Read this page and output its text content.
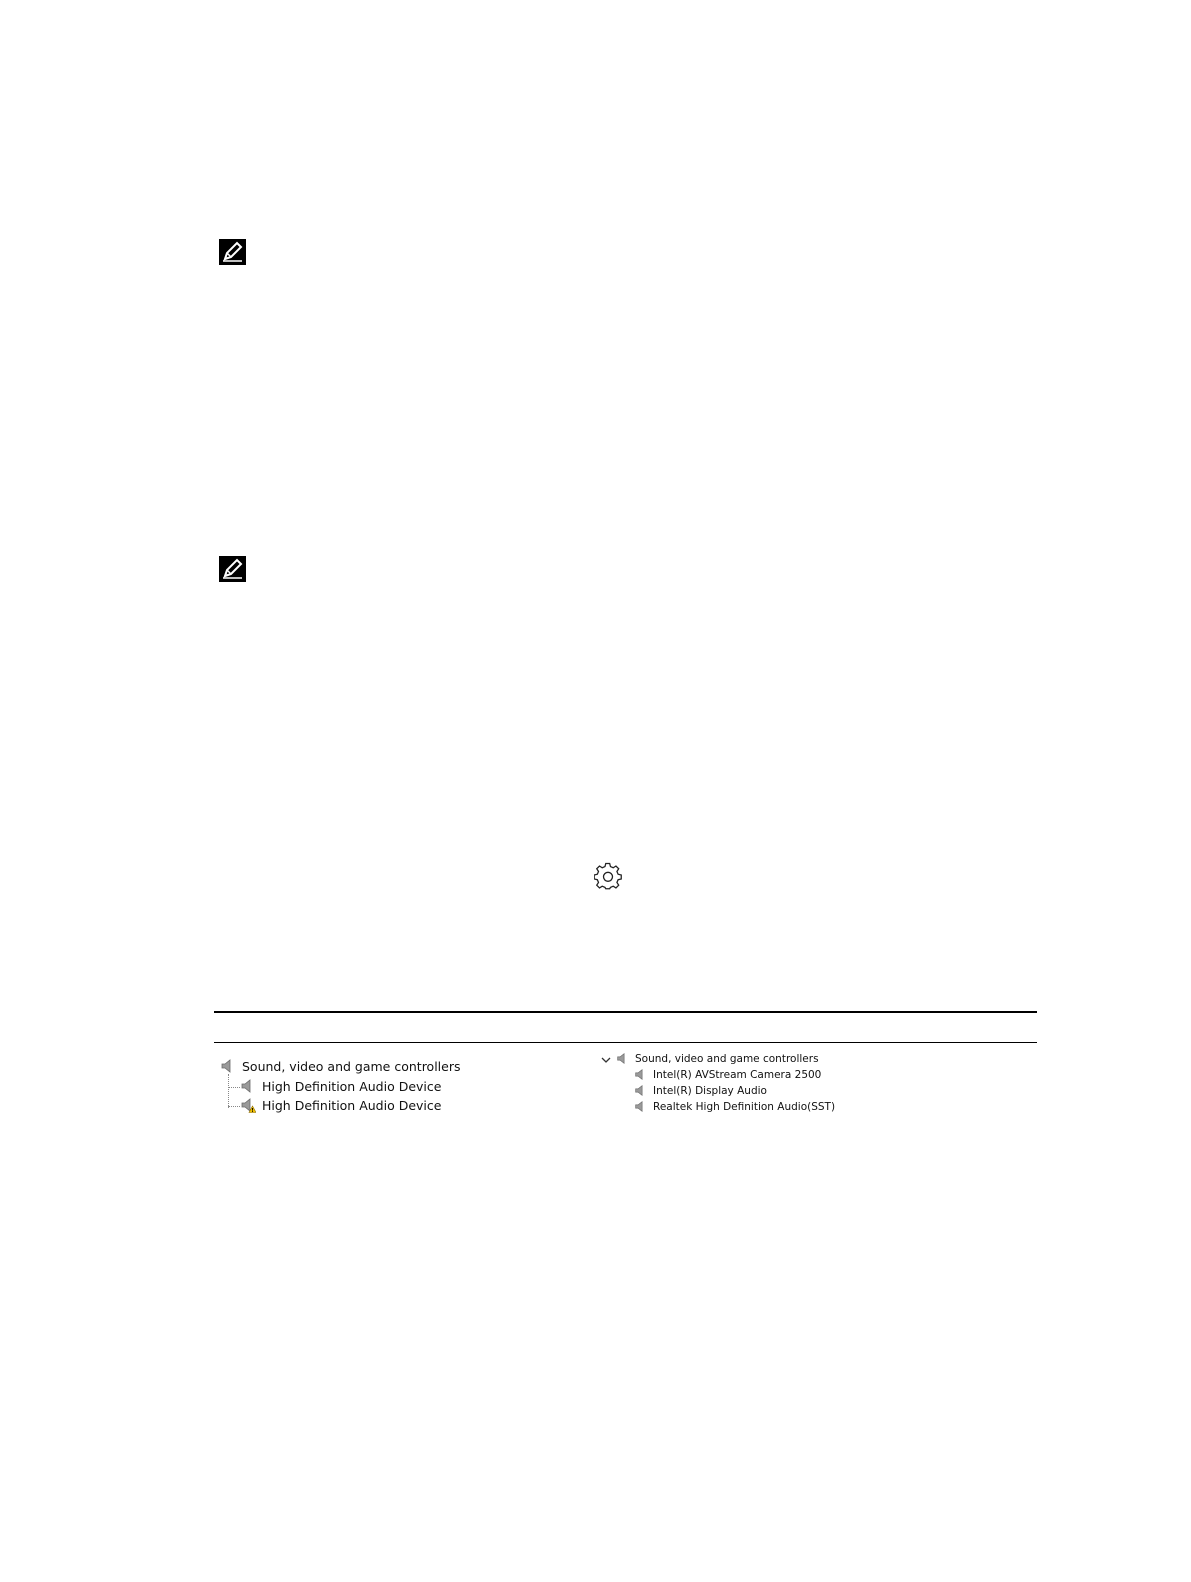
Sound, video and game controllers
High Definition Audio Device
High Definition Audio Device
Sound, video and game controllers
Intel(R) AVStream Camera 2500
Intel(R) Display Audio
Realtek High Definition Audio(SST)
